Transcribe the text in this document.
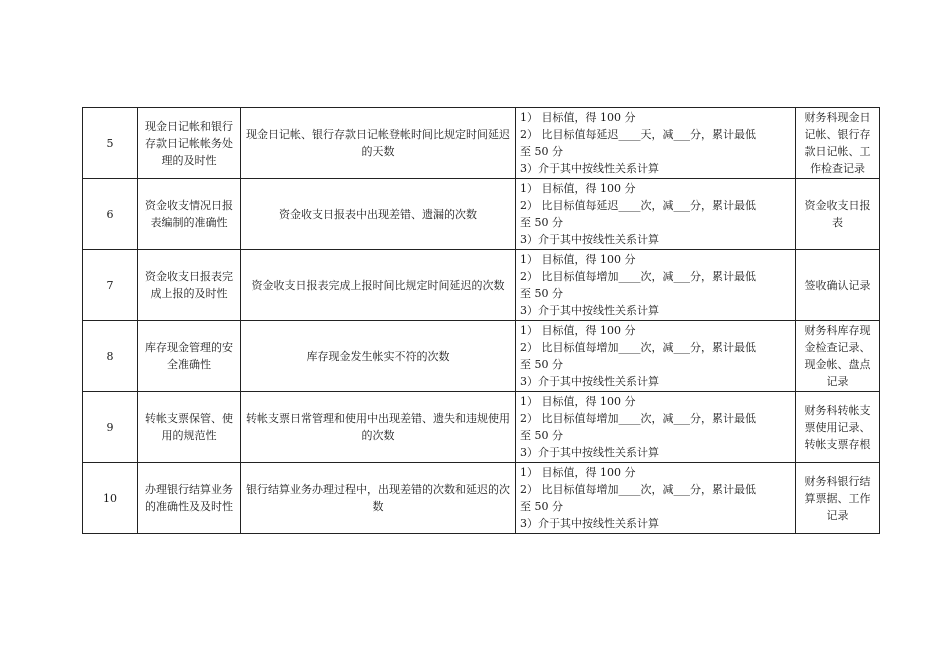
5	现金日记帐和银行存款日记帐帐务处理的及时性	现金日记帐、银行存款日记帐登帐时间比规定时间延迟的天数	1） 目标值，得 100 分
2） 比目标值每延迟____天，减___分，累计最低
至 50 分
3）介于其中按线性关系计算	财务科现金日记帐、银行存款日记帐、工作检查记录
6	资金收支情况日报表编制的准确性	资金收支日报表中出现差错、遗漏的次数	1） 目标值，得 100 分
2） 比目标值每延迟____次，减___分，累计最低
至 50 分
3）介于其中按线性关系计算	资金收支日报表
7	资金收支日报表完成上报的及时性	资金收支日报表完成上报时间比规定时间延迟的次数	1） 目标值，得 100 分
2） 比目标值每增加____次，减___分，累计最低
至 50 分
3）介于其中按线性关系计算	签收确认记录
8	库存现金管理的安全准确性	库存现金发生帐实不符的次数	1） 目标值，得 100 分
2） 比目标值每增加____次，减___分，累计最低
至 50 分
3）介于其中按线性关系计算	财务科库存现金检查记录、现金帐、盘点记录
9	转帐支票保管、使用的规范性	转帐支票日常管理和使用中出现差错、遗失和违规使用的次数	1） 目标值，得 100 分
2） 比目标值每增加____次，减___分，累计最低
至 50 分
3）介于其中按线性关系计算	财务科转帐支票使用记录、转帐支票存根
10	办理银行结算业务的准确性及及时性	银行结算业务办理过程中，出现差错的次数和延迟的次数	1） 目标值，得 100 分
2） 比目标值每增加____次，减___分，累计最低
至 50 分
3）介于其中按线性关系计算	财务科银行结算票据、工作记录
